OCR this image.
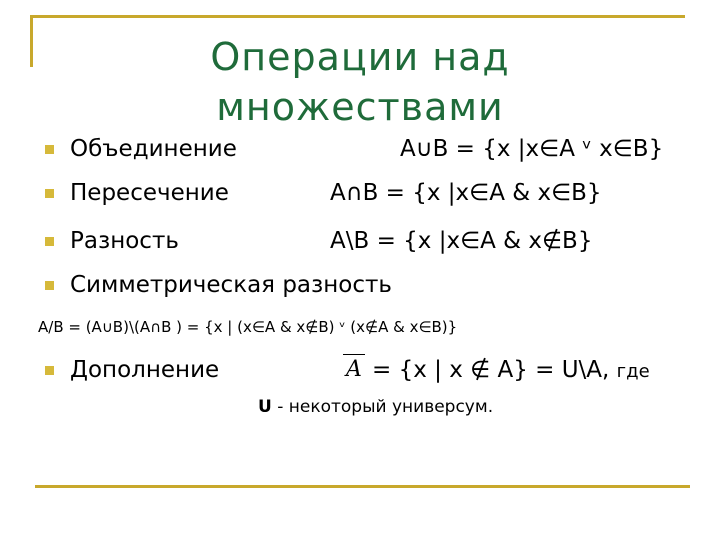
Операции над множествами
Объединение	A∪B = {x |x∈A ᵛ x∈B}
Пересечение	A∩B = {x |x∈A & x∈B}
Разность	A\B = {x |x∈A & x∉B}
Симметрическая разность
A/B = (A∪B)\(A∩B ) = {x | (x∈A & x∉B) ᵛ (x∉A & x∈B)}
Дополнение	= {x | x ∉ A} = U\A, где
A
U - некоторый универсум.
